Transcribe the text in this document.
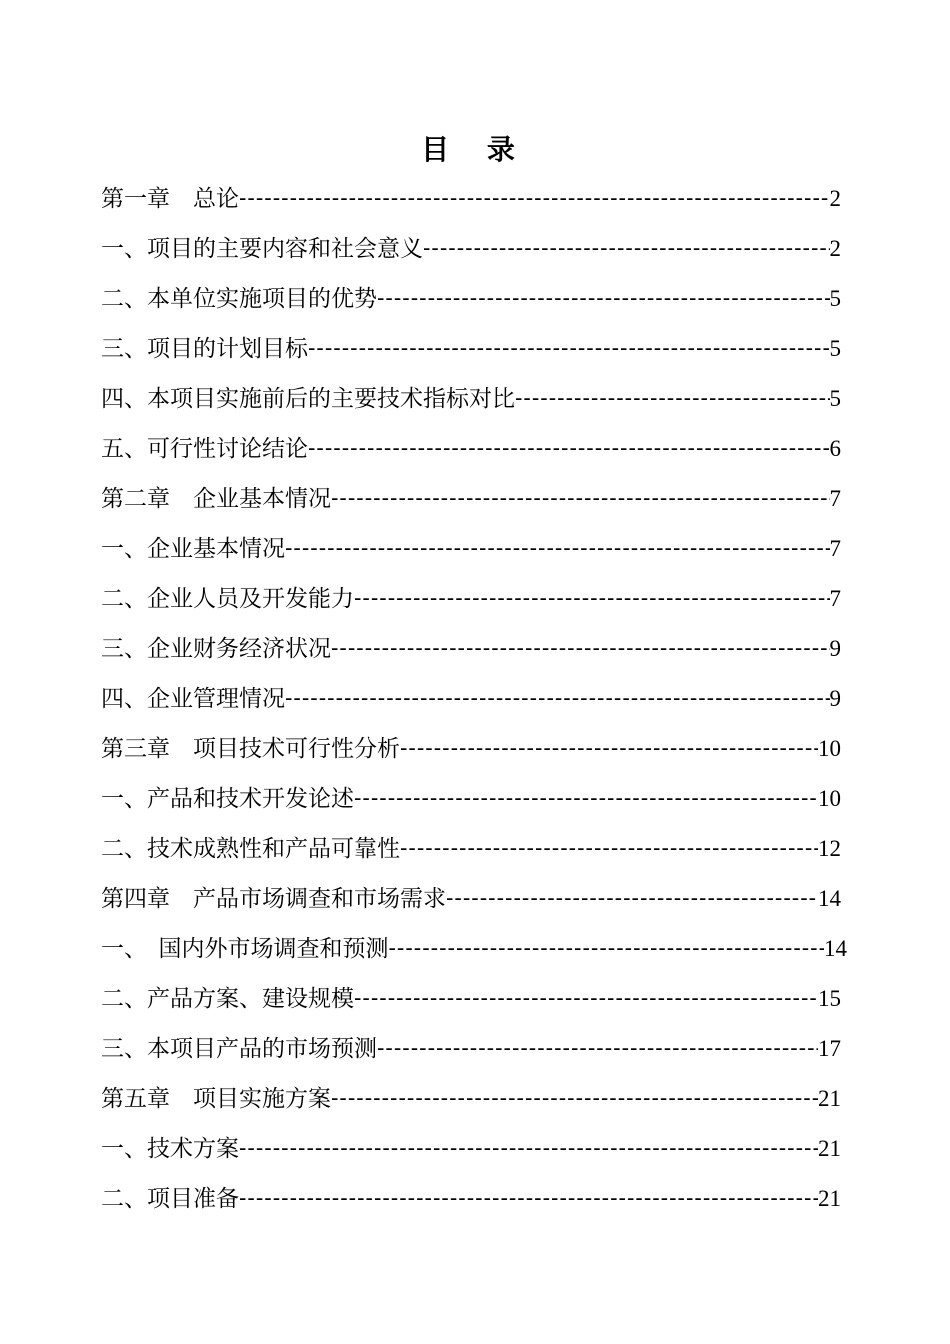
目 录
第一章　总论 -----	2
一、项目的主要内容和社会意义 -----	2
二、本单位实施项目的优势 -----	5
三、项目的计划目标 -----	5
四、本项目实施前后的主要技术指标对比 -----	5
五、可行性讨论结论 -----	6
第二章　企业基本情况 -----	7
一、企业基本情况 -----	7
二、企业人员及开发能力 -----	7
三、企业财务经济状况 -----	9
四、企业管理情况 -----	9
第三章　项目技术可行性分析 -----	10
一、产品和技术开发论述 -----	10
二、技术成熟性和产品可靠性 -----	12
第四章　产品市场调查和市场需求 -----	14
一、　国内外市场调查和预测 -----	14
二、产品方案、建设规模 -----	15
三、本项目产品的市场预测 -----	17
第五章　项目实施方案 -----	21
一、技术方案 -----	21
二、项目准备 -----	21
